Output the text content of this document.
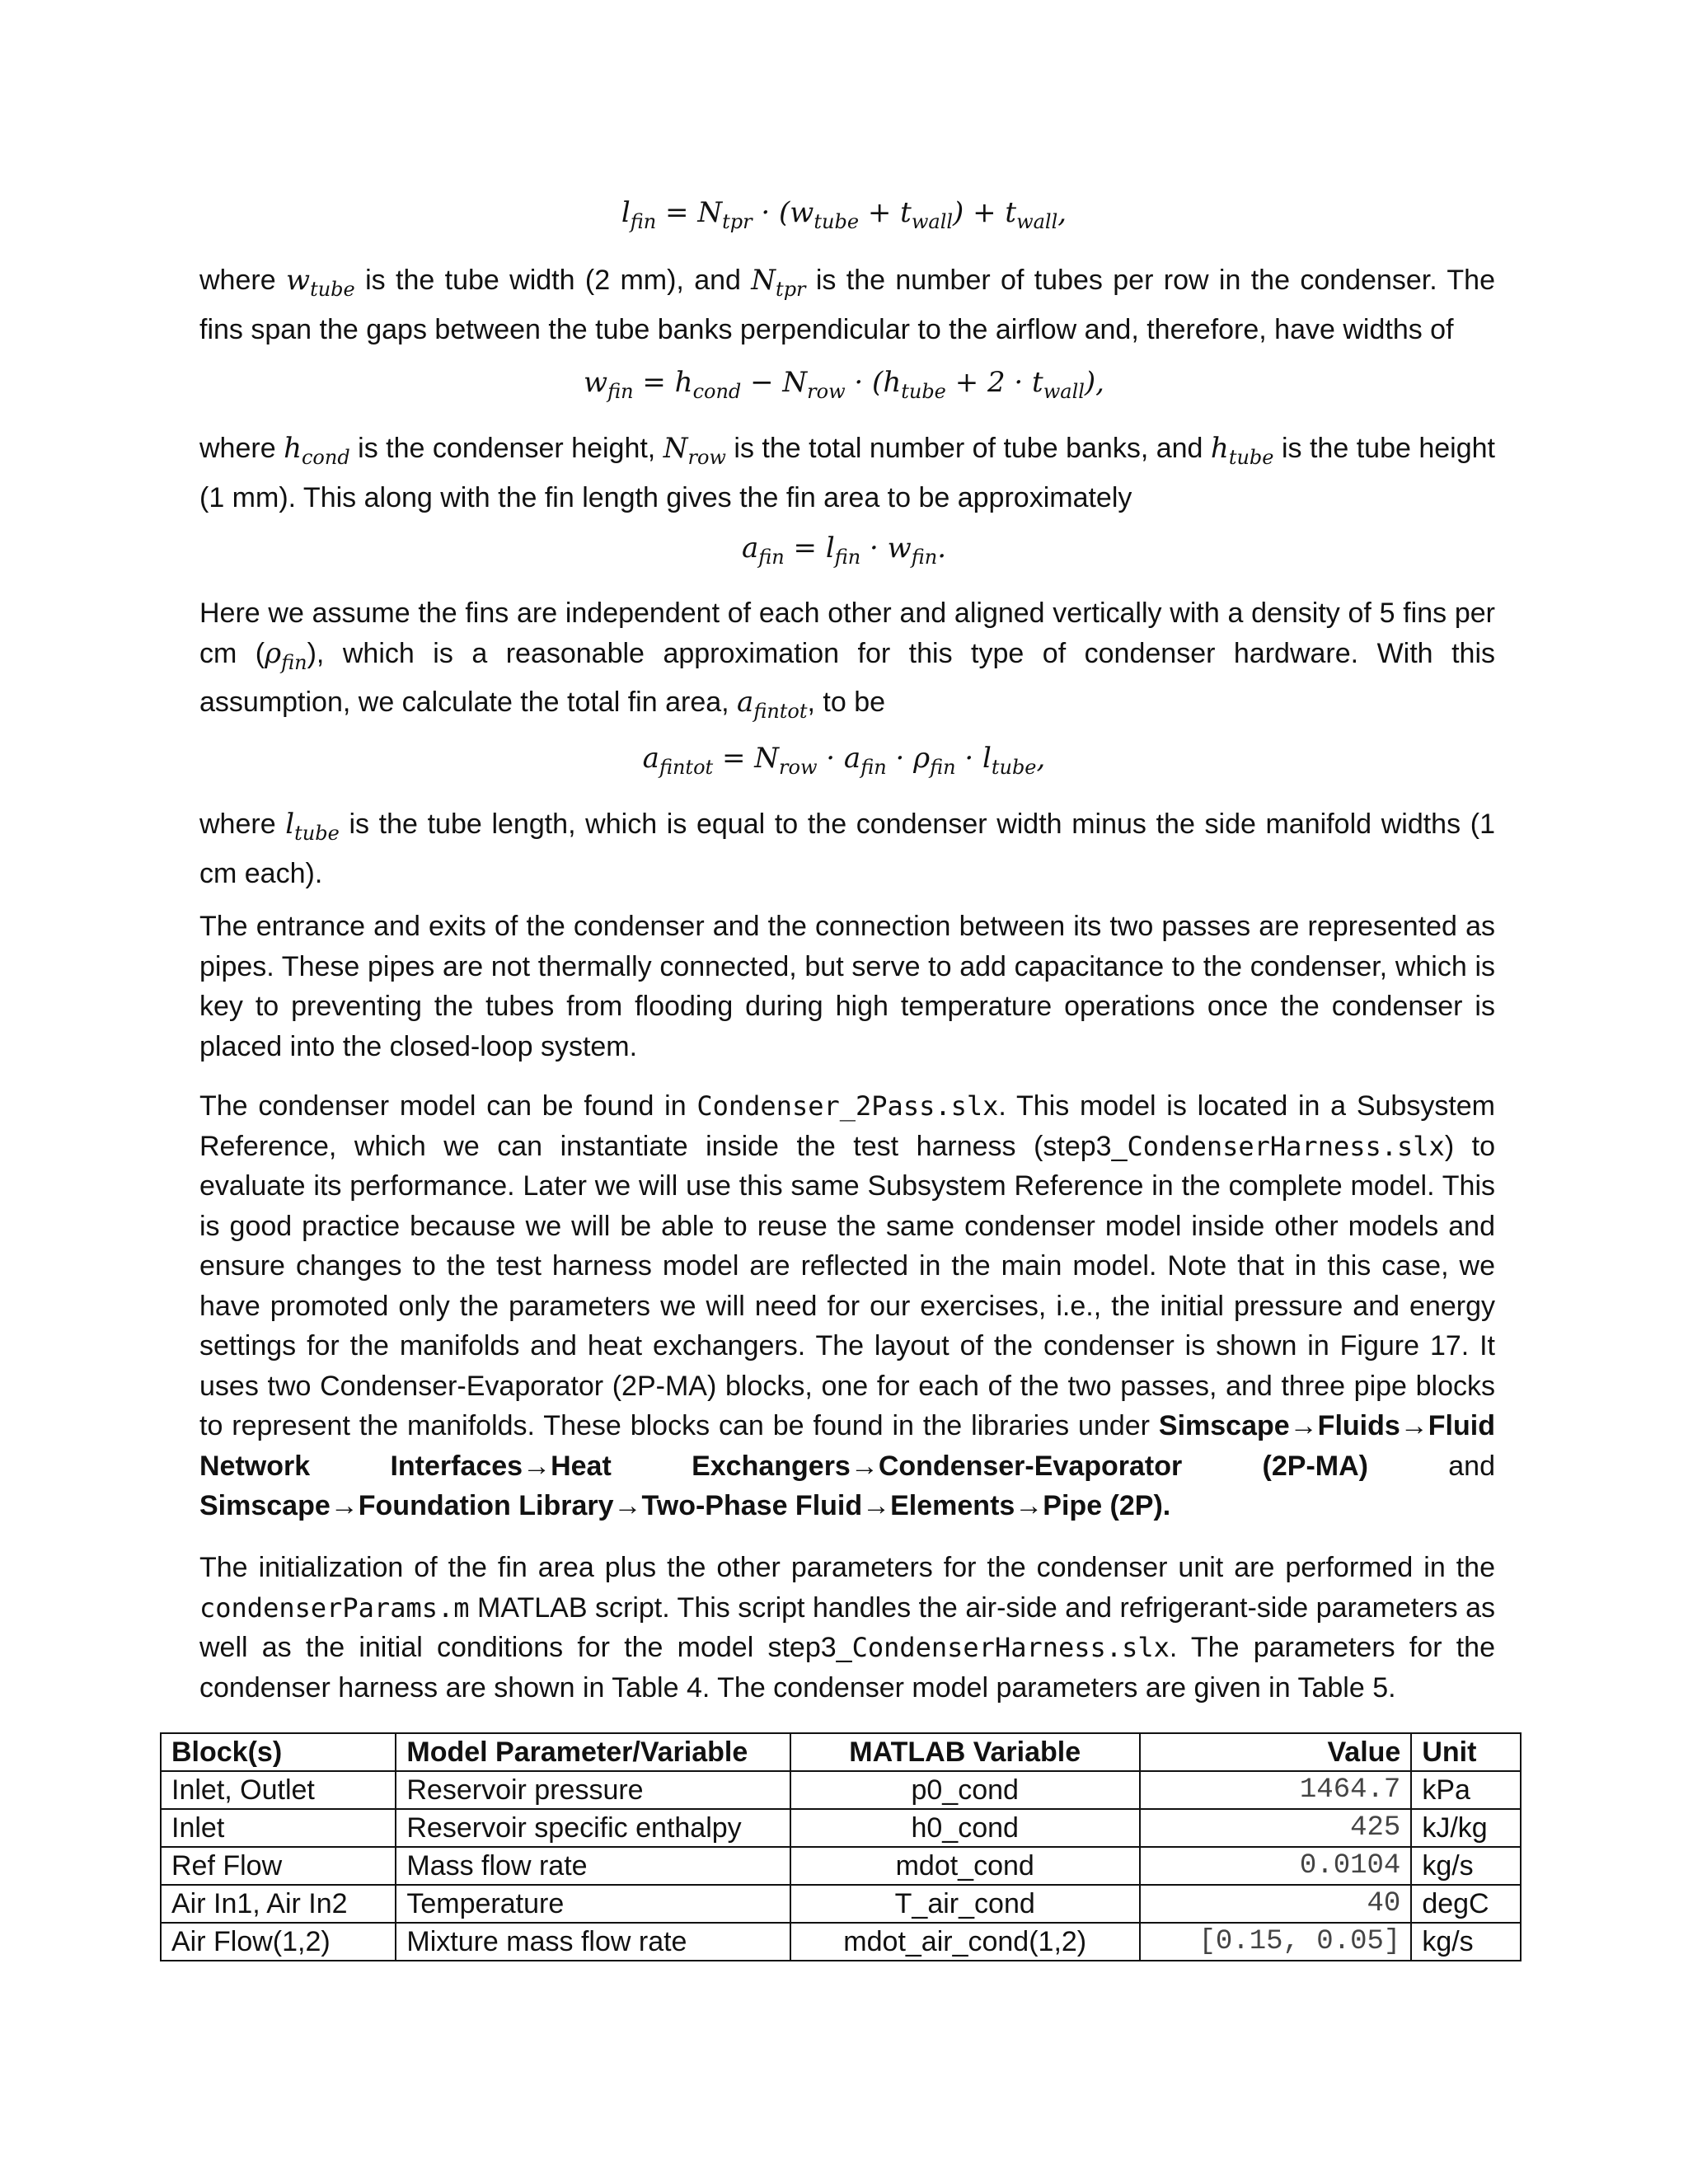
$l_{fin} = N_{tpr} \cdot (w_{tube} + t_{wall}) + t_{wall}$,
where $w_{tube}$ is the tube width (2 mm), and $N_{tpr}$ is the number of tubes per row in the condenser. The fins span the gaps between the tube banks perpendicular to the airflow and, therefore, have widths of
$w_{fin} = h_{cond} - N_{row} \cdot (h_{tube} + 2 \cdot t_{wall})$,
where $h_{cond}$ is the condenser height, $N_{row}$ is the total number of tube banks, and $h_{tube}$ is the tube height (1 mm). This along with the fin length gives the fin area to be approximately
$a_{fin} = l_{fin} \cdot w_{fin}$.
Here we assume the fins are independent of each other and aligned vertically with a density of 5 fins per cm $(\rho_{fin})$, which is a reasonable approximation for this type of condenser hardware. With this assumption, we calculate the total fin area, $a_{fintot}$, to be
$a_{fintot} = N_{row} \cdot a_{fin} \cdot \rho_{fin} \cdot l_{tube}$,
where $l_{tube}$ is the tube length, which is equal to the condenser width minus the side manifold widths (1 cm each).
The entrance and exits of the condenser and the connection between its two passes are represented as pipes. These pipes are not thermally connected, but serve to add capacitance to the condenser, which is key to preventing the tubes from flooding during high temperature operations once the condenser is placed into the closed-loop system.
The condenser model can be found in Condenser_2Pass.slx. This model is located in a Subsystem Reference, which we can instantiate inside the test harness (step3_CondenserHarness.slx) to evaluate its performance. Later we will use this same Subsystem Reference in the complete model. This is good practice because we will be able to reuse the same condenser model inside other models and ensure changes to the test harness model are reflected in the main model. Note that in this case, we have promoted only the parameters we will need for our exercises, i.e., the initial pressure and energy settings for the manifolds and heat exchangers. The layout of the condenser is shown in Figure 17. It uses two Condenser-Evaporator (2P-MA) blocks, one for each of the two passes, and three pipe blocks to represent the manifolds. These blocks can be found in the libraries under Simscape→Fluids→Fluid Network Interfaces→Heat Exchangers→Condenser-Evaporator (2P-MA) and Simscape→Foundation Library→Two-Phase Fluid→Elements→Pipe (2P).
The initialization of the fin area plus the other parameters for the condenser unit are performed in the condenserParams.m MATLAB script. This script handles the air-side and refrigerant-side parameters as well as the initial conditions for the model step3_CondenserHarness.slx. The parameters for the condenser harness are shown in Table 4. The condenser model parameters are given in Table 5.
Block(s)	Model Parameter/Variable	MATLAB Variable	Value	Unit
Inlet, Outlet	Reservoir pressure	p0_cond	1464.7	kPa
Inlet	Reservoir specific enthalpy	h0_cond	425	kJ/kg
Ref Flow	Mass flow rate	mdot_cond	0.0104	kg/s
Air In1, Air In2	Temperature	T_air_cond	40	degC
Air Flow(1,2)	Mixture mass flow rate	mdot_air_cond(1,2)	[0.15, 0.05]	kg/s
